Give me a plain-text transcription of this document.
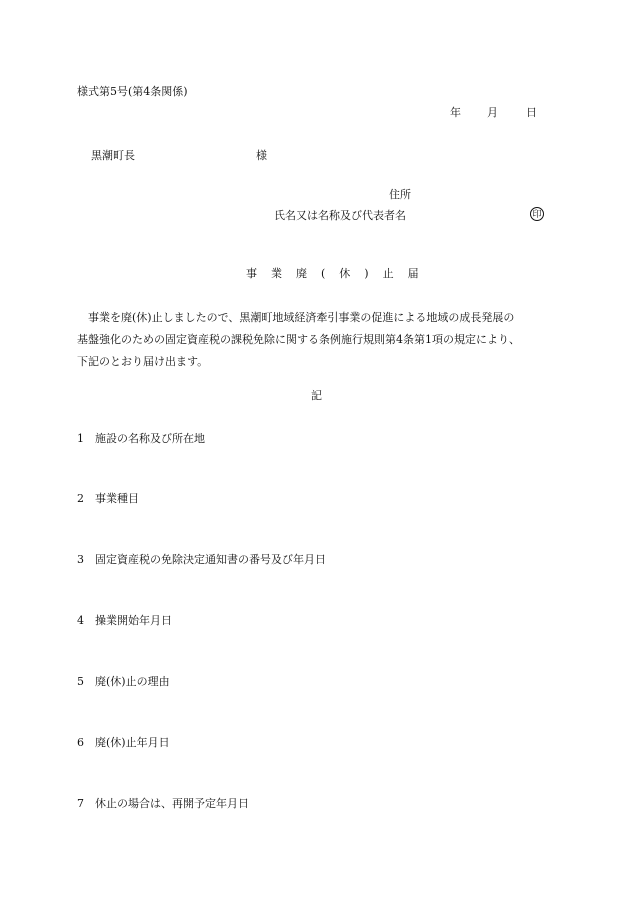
様式第5号(第4条関係)
年 月	日
黒潮町長	様
住所
氏名又は名称及び代表者名	印
事業廃(休)止届

　事業を廃(休)止しましたので、黒潮町地域経済牽引事業の促進による地域の成長発展の

基盤強化のための固定資産税の課税免除に関する条例施行規則第4条第1項の規定により、

下記のとおり届け出ます。

記
1 施設の名称及び所在地
2 事業種目
3 固定資産税の免除決定通知書の番号及び年月日
4 操業開始年月日
5 廃(休)止の理由
6 廃(休)止年月日
7 休止の場合は、再開予定年月日
